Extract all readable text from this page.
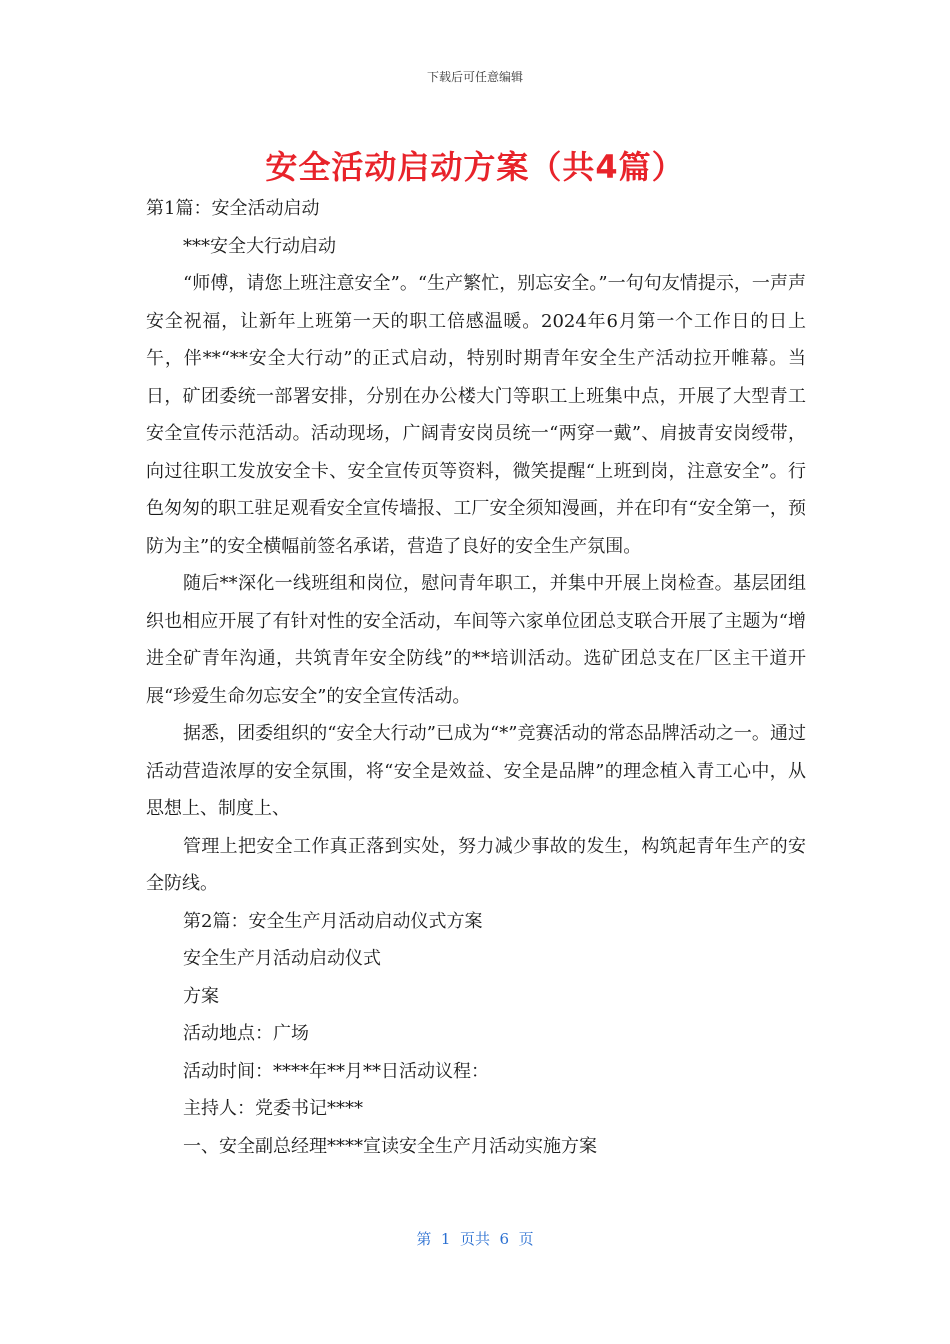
下载后可任意编辑
安全活动启动方案（共4篇）

第1篇：安全活动启动

***安全大行动启动

“师傅，请您上班注意安全”。“生产繁忙，别忘安全。”一句句友情提示，一声声安全祝福，让新年上班第一天的职工倍感温暖。2024年6月第一个工作日的日上午，伴**“**安全大行动”的正式启动，特别时期青年安全生产活动拉开帷幕。当日，矿团委统一部署安排，分别在办公楼大门等职工上班集中点，开展了大型青工安全宣传示范活动。活动现场，广阔青安岗员统一“两穿一戴”、肩披青安岗绶带，向过往职工发放安全卡、安全宣传页等资料，微笑提醒“上班到岗，注意安全”。行色匆匆的职工驻足观看安全宣传墙报、工厂安全须知漫画，并在印有“安全第一，预防为主”的安全横幅前签名承诺，营造了良好的安全生产氛围。

随后**深化一线班组和岗位，慰问青年职工，并集中开展上岗检查。基层团组织也相应开展了有针对性的安全活动，车间等六家单位团总支联合开展了主题为“增进全矿青年沟通，共筑青年安全防线”的**培训活动。选矿团总支在厂区主干道开展“珍爱生命勿忘安全”的安全宣传活动。

据悉，团委组织的“安全大行动”已成为“*”竞赛活动的常态品牌活动之一。通过活动营造浓厚的安全氛围，将“安全是效益、安全是品牌”的理念植入青工心中，从思想上、制度上、

管理上把安全工作真正落到实处，努力减少事故的发生，构筑起青年生产的安全防线。

第2篇：安全生产月活动启动仪式方案

安全生产月活动启动仪式

方案

活动地点：广场

活动时间：****年**月**日活动议程：

主持人：党委书记****

一、安全副总经理****宣读安全生产月活动实施方案

第  1  页共  6  页
